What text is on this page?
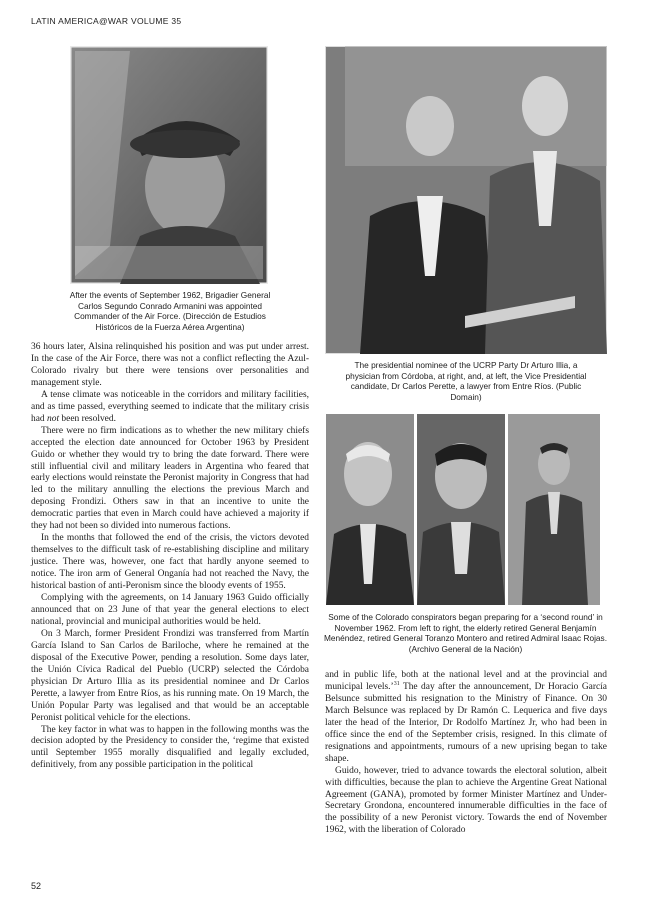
LATIN AMERICA@WAR VOLUME 35
After the events of September 1962, Brigadier General Carlos Segundo Conrado Armanini was appointed Commander of the Air Force. (Dirección de Estudios Históricos de la Fuerza Aérea Argentina)
The presidential nominee of the UCRP Party Dr Arturo Illia, a physician from Córdoba, at right, and, at left, the Vice Presidential candidate, Dr Carlos Perette, a lawyer from Entre Ríos. (Public Domain)
Some of the Colorado conspirators began preparing for a ‘second round’ in November 1962. From left to right, the elderly retired General Benjamín Menéndez, retired General Toranzo Montero and retired Admiral Isaac Rojas. (Archivo General de la Nación)

36 hours later, Alsina relinquished his position and was put under arrest. In the case of the Air Force, there was not a conflict reflecting the Azul-Colorado rivalry but there were tensions over personalities and management style.

A tense climate was noticeable in the corridors and military facilities, and as time passed, everything seemed to indicate that the military crisis had not been resolved.

There were no firm indications as to whether the new military chiefs accepted the election date announced for October 1963 by President Guido or whether they would try to bring the date forward. There were still influential civil and military leaders in Argentina who feared that early elections would reinstate the Peronist majority in Congress that had led to the military annulling the elections the previous March and deposing Frondizi. Others saw in that an incentive to unite the democratic parties that even in March could have achieved a majority if they had not been so divided into numerous factions.

In the months that followed the end of the crisis, the victors devoted themselves to the difficult task of re-establishing discipline and military justice. There was, however, one fact that hardly anyone seemed to notice. The iron arm of General Onganía had not reached the Navy, the historical bastion of anti-Peronism since the bloody events of 1955.

Complying with the agreements, on 14 January 1963 Guido officially announced that on 23 June of that year the general elections to elect national, provincial and municipal authorities would be held.

On 3 March, former President Frondizi was transferred from Martín García Island to San Carlos de Bariloche, where he remained at the disposal of the Executive Power, pending a resolution. Some days later, the Unión Cívica Radical del Pueblo (UCRP) selected the Córdoba physician Dr Arturo Illia as its presidential nominee and Dr Carlos Perette, a lawyer from Entre Ríos, as his running mate. On 19 March, the Unión Popular Party was legalised and that would be an acceptable Peronist political vehicle for the elections.

The key factor in what was to happen in the following months was the decision adopted by the Presidency to consider the, ‘regime that existed until September 1955 morally disqualified and legally excluded, definitively, from any possible participation in the political

and in public life, both at the national level and at the provincial and municipal levels.’$^{31}$ The day after the announcement, Dr Horacio García Belsunce submitted his resignation to the Ministry of Finance. On 30 March Belsunce was replaced by Dr Ramón C. Lequerica and five days later the head of the Interior, Dr Rodolfo Martínez Jr, who had been in office since the end of the September crisis, resigned. In this climate of resignations and appointments, rumours of a new uprising began to take shape.

Guido, however, tried to advance towards the electoral solution, albeit with difficulties, because the plan to achieve the Argentine Great National Agreement (GANA), promoted by former Minister Martínez and Under-Secretary Grondona, encountered innumerable difficulties in the face of the possibility of a new Peronist victory. Towards the end of November 1962, with the liberation of Colorado

52
